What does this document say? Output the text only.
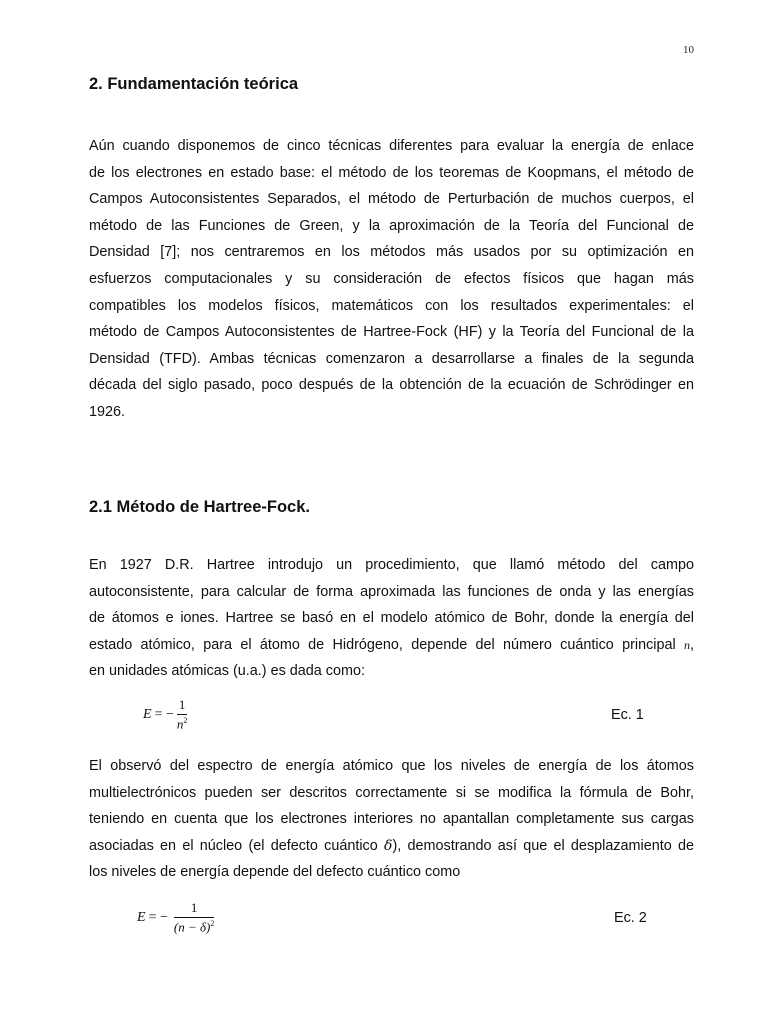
10
2. Fundamentación teórica
Aún cuando disponemos de cinco técnicas diferentes para evaluar la energía de enlace
de los electrones en estado base: el método de los teoremas de Koopmans, el método de
Campos Autoconsistentes Separados, el método de Perturbación de muchos cuerpos, el
método de las Funciones de Green, y la aproximación de la Teoría del Funcional de
Densidad [7]; nos centraremos en los métodos más usados por su optimización en
esfuerzos computacionales y su consideración de efectos físicos que hagan más
compatibles los modelos físicos, matemáticos con los resultados experimentales: el
método de Campos Autoconsistentes de Hartree-Fock (HF) y la Teoría del Funcional de la
Densidad (TFD). Ambas técnicas comenzaron a desarrollarse a finales de la segunda
década del siglo pasado, poco después de la obtención de la ecuación de Schrödinger en
1926.
2.1 Método de Hartree-Fock.
En 1927 D.R. Hartree introdujo un procedimiento, que llamó método del campo
autoconsistente, para calcular de forma aproximada las funciones de onda y las energías
de átomos e iones. Hartree se basó en el modelo atómico de Bohr, donde la energía del
estado atómico, para el átomo de Hidrógeno, depende del número cuántico principal n,
en unidades atómicas (u.a.) es dada como:
E = − $\frac{1}{n^2}$	Ec. 1
El observó del espectro de energía atómico que los niveles de energía de los átomos
multielectrónicos pueden ser descritos correctamente si se modifica la fórmula de Bohr,
teniendo en cuenta que los electrones interiores no apantallan completamente sus cargas
asociadas en el núcleo (el defecto cuántico δ), demostrando así que el desplazamiento de
los niveles de energía depende del defecto cuántico como
E = − $\frac{1}{(n - \delta)^2}$	Ec. 2
